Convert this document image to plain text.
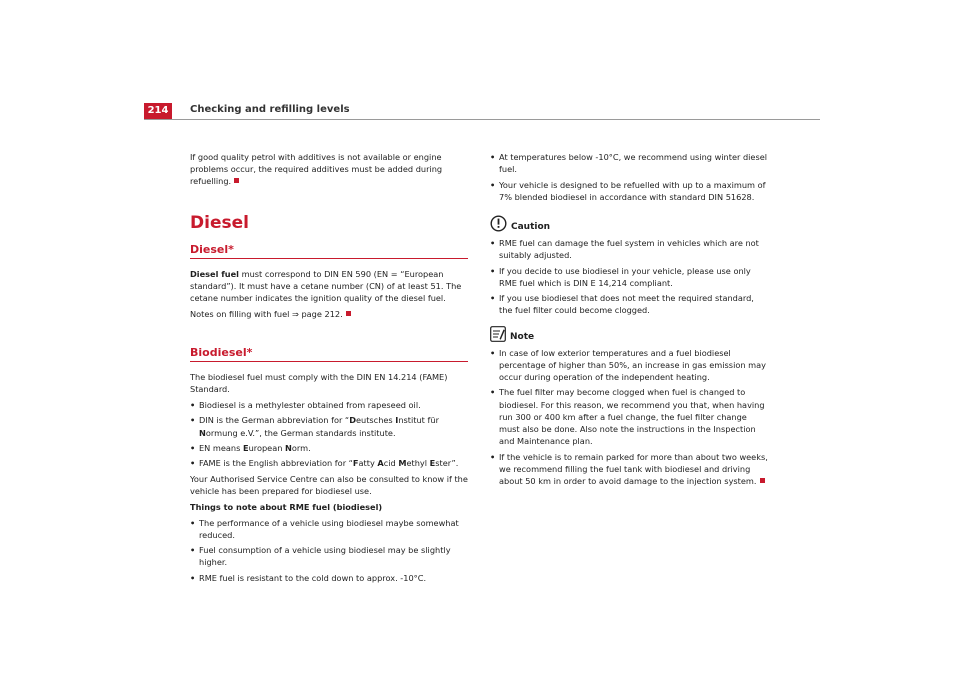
214	Checking and refilling levels

If good quality petrol with additives is not available or engine problems occur, the required additives must be added during refuelling.

Diesel
Diesel*

Diesel fuel must correspond to DIN EN 590 (EN = “European standard”). It must have a cetane number (CN) of at least 51. The cetane number indicates the ignition quality of the diesel fuel.

Notes on filling with fuel ⇒ page 212.

Biodiesel*

The biodiesel fuel must comply with the DIN EN 14.214 (FAME) Standard.

• Biodiesel is a methylester obtained from rapeseed oil.

• DIN is the German abbreviation for “Deutsches Institut für Normung e.V.”, the German standards institute.

• EN means European Norm.

• FAME is the English abbreviation for “Fatty Acid Methyl Ester”.

Your Authorised Service Centre can also be consulted to know if the vehicle has been prepared for biodiesel use.

Things to note about RME fuel (biodiesel)

• The performance of a vehicle using biodiesel maybe somewhat reduced.

• Fuel consumption of a vehicle using biodiesel may be slightly higher.

• RME fuel is resistant to the cold down to approx. -10°C.

• At temperatures below -10°C, we recommend using winter diesel fuel.

• Your vehicle is designed to be refuelled with up to a maximum of 7% blended biodiesel in accordance with standard DIN 51628.

Caution

• RME fuel can damage the fuel system in vehicles which are not suitably adjusted.

• If you decide to use biodiesel in your vehicle, please use only RME fuel which is DIN E 14,214 compliant.

• If you use biodiesel that does not meet the required standard, the fuel filter could become clogged.

Note

• In case of low exterior temperatures and a fuel biodiesel percentage of higher than 50%, an increase in gas emission may occur during operation of the independent heating.

• The fuel filter may become clogged when fuel is changed to biodiesel. For this reason, we recommend you that, when having run 300 or 400 km after a fuel change, the fuel filter change must also be done. Also note the instructions in the Inspection and Maintenance plan.

• If the vehicle is to remain parked for more than about two weeks, we recommend filling the fuel tank with biodiesel and driving about 50 km in order to avoid damage to the injection system.
